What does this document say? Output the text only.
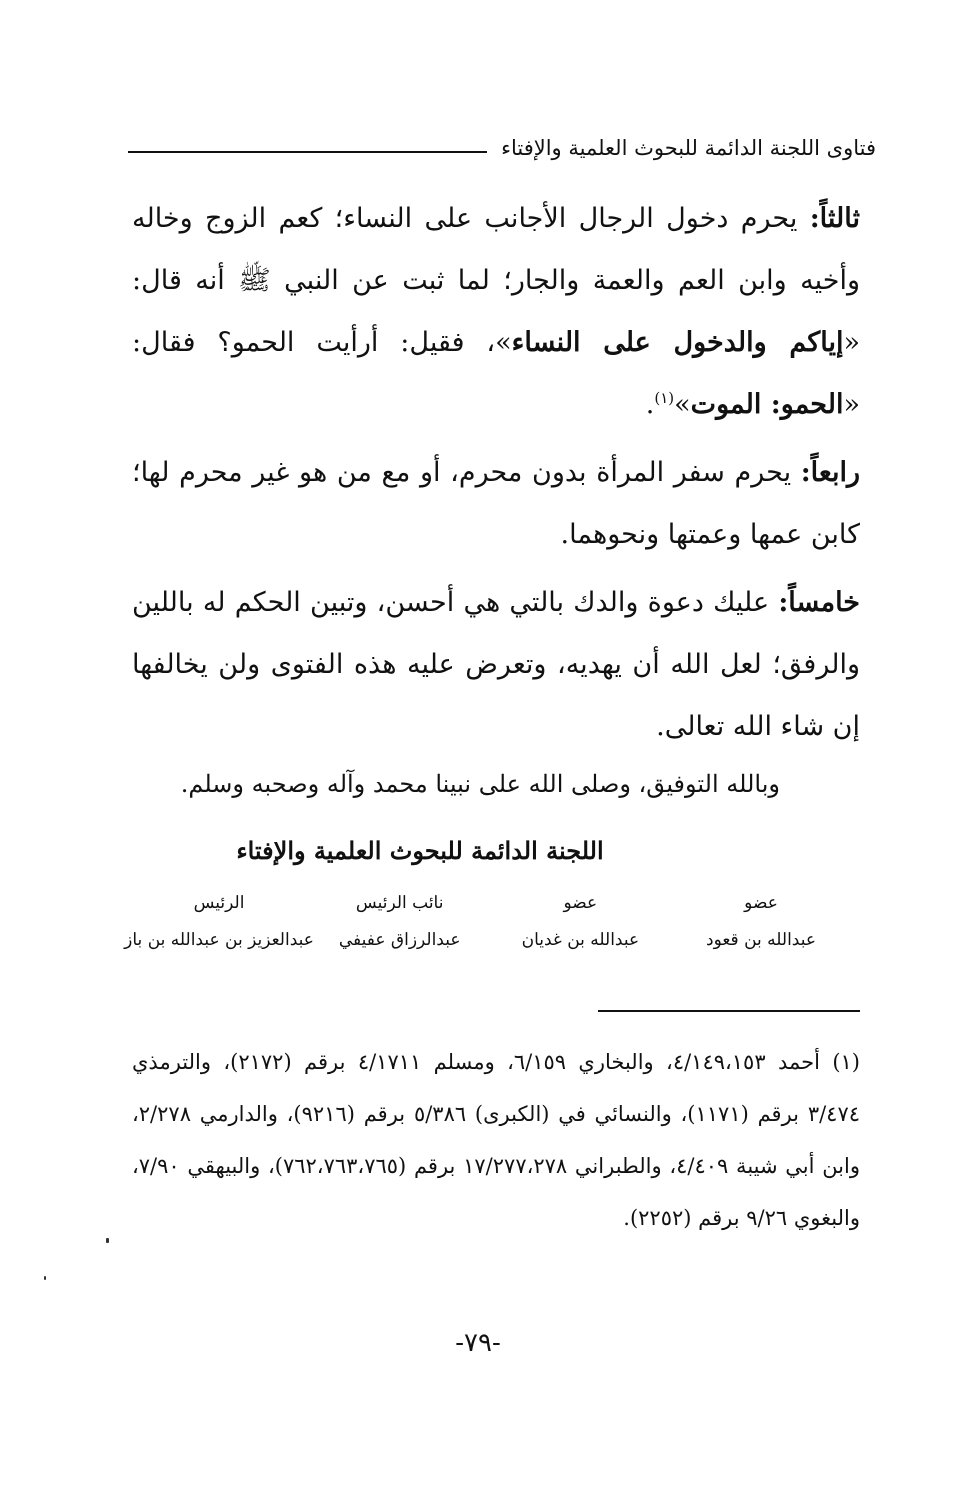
فتاوى اللجنة الدائمة للبحوث العلمية والإفتاء

ثالثاً: يحرم دخول الرجال الأجانب على النساء؛ كعم الزوج وخاله وأخيه وابن العم والعمة والجار؛ لما ثبت عن النبي ﷺ أنه قال: «إياكم والدخول على النساء»، فقيل: أرأيت الحمو؟ فقال: «الحمو: الموت»$^{(١)}$.

رابعاً: يحرم سفر المرأة بدون محرم، أو مع من هو غير محرم لها؛ كابن عمها وعمتها ونحوهما.

خامساً: عليك دعوة والدك بالتي هي أحسن، وتبين الحكم له باللين والرفق؛ لعل الله أن يهديه، وتعرض عليه هذه الفتوى ولن يخالفها إن شاء الله تعالى.

وبالله التوفيق، وصلى الله على نبينا محمد وآله وصحبه وسلم.
اللجنة الدائمة للبحوث العلمية والإفتاء
عضو
عبدالله بن قعود
عضو
عبدالله بن غديان
نائب الرئيس
عبدالرزاق عفيفي
الرئيس
عبدالعزيز بن عبدالله بن باز

(١) أحمد ٤/١٤٩،١٥٣، والبخاري ٦/١٥٩، ومسلم ٤/١٧١١ برقم (٢١٧٢)، والترمذي ٣/٤٧٤ برقم (١١٧١)، والنسائي في (الكبرى) ٥/٣٨٦ برقم (٩٢١٦)، والدارمي ٢/٢٧٨، وابن أبي شيبة ٤/٤٠٩، والطبراني ١٧/٢٧٧،٢٧٨ برقم (٧٦٢،٧٦٣،٧٦٥)، والبيهقي ٧/٩٠، والبغوي ٩/٢٦ برقم (٢٢٥٢).

-٧٩-
